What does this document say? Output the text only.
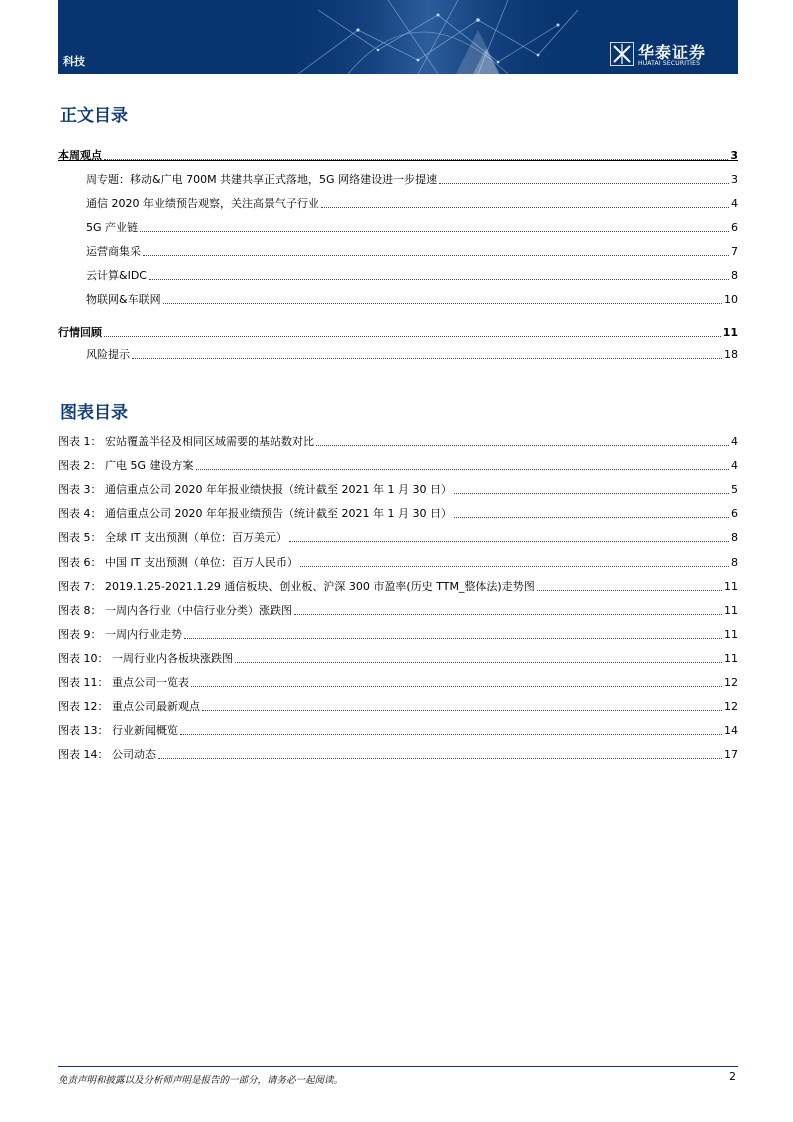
科技	华泰证券
HUATAI SECURITIES
正文目录
本周观点	3
周专题：移动&广电 700M 共建共享正式落地，5G 网络建设进一步提速	3
通信 2020 年业绩预告观察，关注高景气子行业	4
5G 产业链	6
运营商集采	7
云计算&IDC	8
物联网&车联网	10
行情回顾	11
风险提示	18
图表目录
图表 1： 宏站覆盖半径及相同区域需要的基站数对比	4
图表 2： 广电 5G 建设方案	4
图表 3： 通信重点公司 2020 年年报业绩快报（统计截至 2021 年 1 月 30 日）	5
图表 4： 通信重点公司 2020 年年报业绩预告（统计截至 2021 年 1 月 30 日）	6
图表 5： 全球 IT 支出预测（单位：百万美元）	8
图表 6： 中国 IT 支出预测（单位：百万人民币）	8
图表 7： 2019.1.25-2021.1.29 通信板块、创业板、沪深 300 市盈率(历史 TTM_整体法)走势图	11
图表 8： 一周内各行业（中信行业分类）涨跌图	11
图表 9： 一周内行业走势	11
图表 10： 一周行业内各板块涨跌图	11
图表 11： 重点公司一览表	12
图表 12： 重点公司最新观点	12
图表 13： 行业新闻概览	14
图表 14： 公司动态	17
免责声明和披露以及分析师声明是报告的一部分，请务必一起阅读。	2
